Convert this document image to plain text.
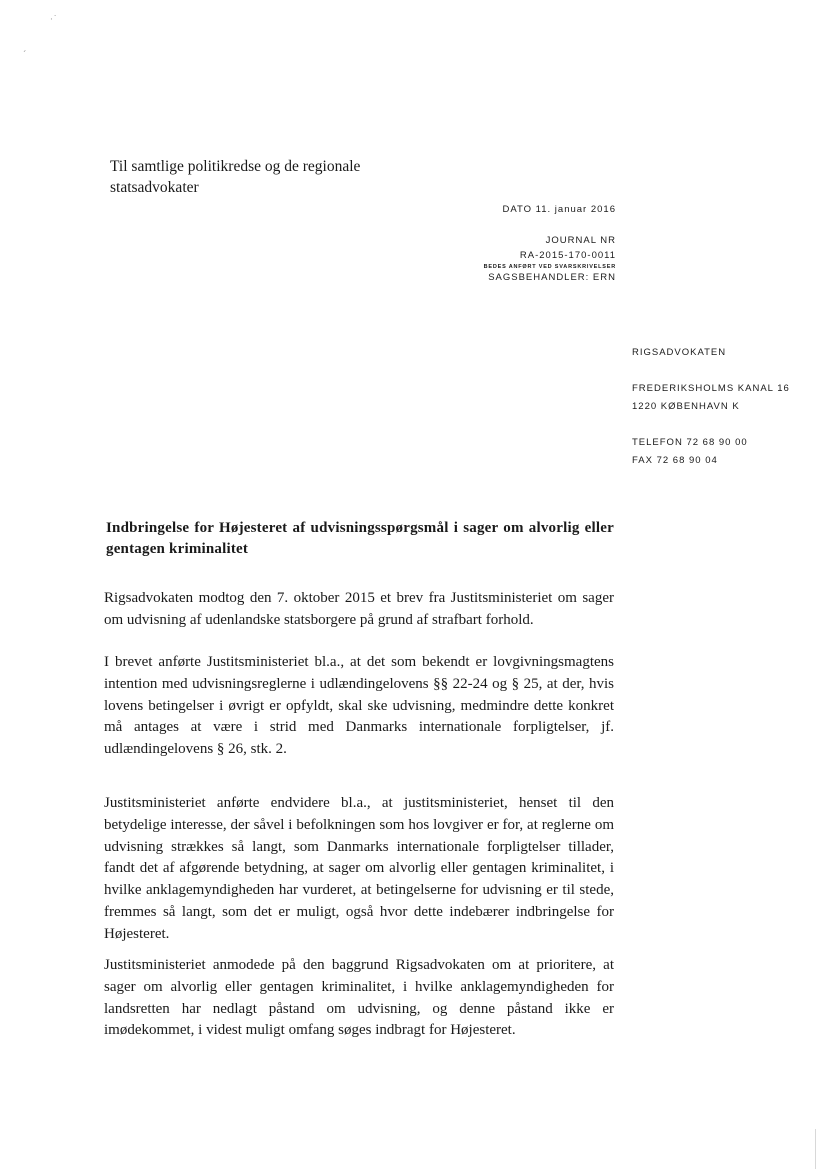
·˙
ˏ
Til samtlige politikredse og de regionale
statsadvokater
DATO 11. januar 2016
JOURNAL NR
RA-2015-170-0011
BEDES ANFØRT VED SVARSKRIVELSER
SAGSBEHANDLER: ERN
RIGSADVOKATEN
FREDERIKSHOLMS KANAL 16
1220 KØBENHAVN K
TELEFON 72 68 90 00
FAX 72 68 90 04
Indbringelse for Højesteret af udvisningsspørgsmål i sager om alvorlig eller gentagen kriminalitet

Rigsadvokaten modtog den 7. oktober 2015 et brev fra Justitsministeriet om sager om udvisning af udenlandske statsborgere på grund af strafbart forhold.

I brevet anførte Justitsministeriet bl.a., at det som bekendt er lovgivningsmagtens intention med udvisningsreglerne i udlændingelovens §§ 22-24 og § 25, at der, hvis lovens betingelser i øvrigt er opfyldt, skal ske udvisning, medmindre dette konkret må antages at være i strid med Danmarks internationale forpligtelser, jf. udlændingelovens § 26, stk. 2.

Justitsministeriet anførte endvidere bl.a., at justitsministeriet, henset til den betydelige interesse, der såvel i befolkningen som hos lovgiver er for, at reglerne om udvisning strækkes så langt, som Danmarks internationale forpligtelser tillader, fandt det af afgørende betydning, at sager om alvorlig eller gentagen kriminalitet, i hvilke anklagemyndigheden har vurderet, at betingelserne for udvisning er til stede, fremmes så langt, som det er muligt, også hvor dette indebærer indbringelse for Højesteret.

Justitsministeriet anmodede på den baggrund Rigsadvokaten om at prioritere, at sager om alvorlig eller gentagen kriminalitet, i hvilke anklagemyndigheden for landsretten har nedlagt påstand om udvisning, og denne påstand ikke er imødekommet, i videst muligt omfang søges indbragt for Højesteret.
